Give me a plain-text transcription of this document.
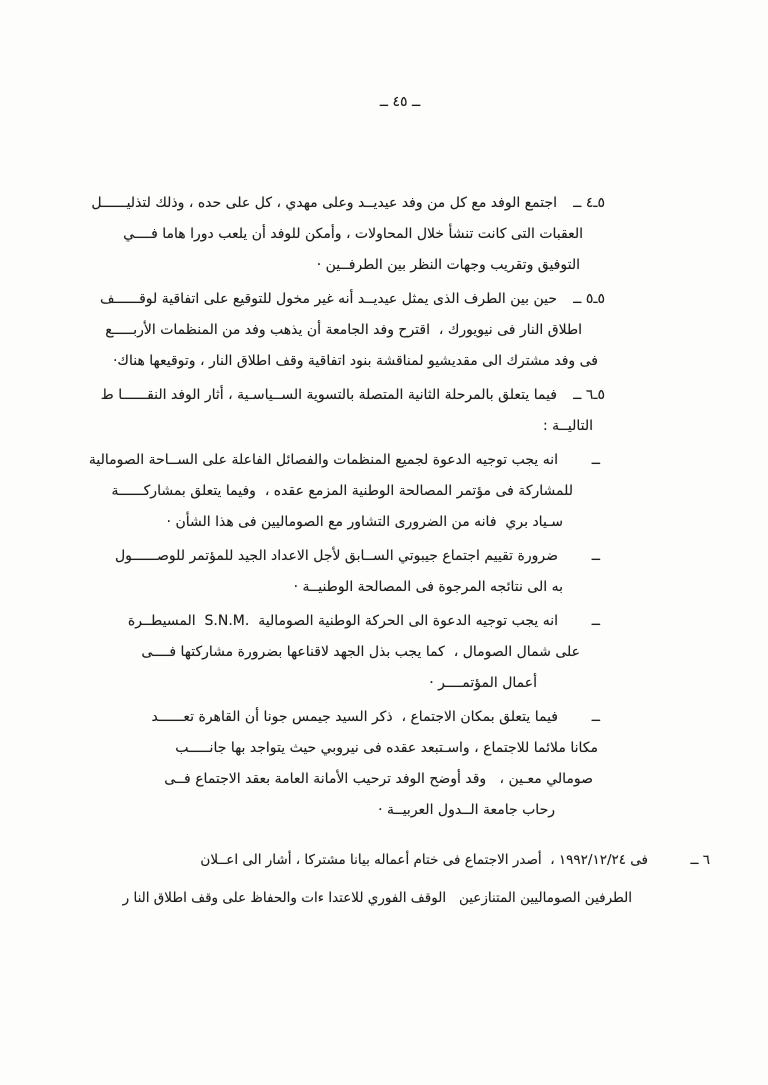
ــ ٤٥ ــ
٥ـ٤ ــ
اجتمع الوفد مع كل من وفد عيديــد وعلى مهدي ، كل على حده ، وذلك لتذليــــــل
العقبات التى كانت تنشأ خلال المحاولات ، وأمكن للوفد أن يلعب دورا هاما فــــي
التوفيق وتقريب وجهات النظر بين الطرفــين ·
٥ـ٥ ــ
حين بين الطرف الذى يمثل عيديــد أنه غير مخول للتوقيع على اتفاقية لوقــــــف
اطلاق النار فى نيويورك ،  اقترح وفد الجامعة أن يذهب وفد من المنظمات الأربـــــع
فى وفد مشترك الى مقديشيو لمناقشة بنود اتفاقية وقف اطلاق النار ، وتوقيعها هناك·
٥ـ٦ ــ
فيما يتعلق بالمرحلة الثانية المتصلة بالتسوية الســياسـية ، أثار الوفد النقــــــا ط
التاليــة :
ــ
انه يجب توجيه الدعوة لجميع المنظمات والفصائل الفاعلة على الســاحة الصومالية
للمشاركة فى مؤتمر المصالحة الوطنية المزمع عقده ،  وفيما يتعلق بمشاركــــــة
سـياد بري  فانه من الضرورى التشاور مع الصوماليين فى هذا الشأن ·
ــ
ضرورة تقييم اجتماع جيبوتي الســابق لأجل الاعداد الجيد للمؤتمر للوصــــــول
به الى نتائجه المرجوة فى المصالحة الوطنيــة ·
ــ
انه يجب توجيه الدعوة الى الحركة الوطنية الصومالية  ‎S.N.M.‎  المسيطــرة
على شمال الصومال ،  كما يجب بذل الجهد لاقناعها بضرورة مشاركتها فــــى
أعمال المؤتمــــر ·
ــ
فيما يتعلق بمكان الاجتماع ،  ذكر السيد جيمس جونا أن القاهرة تعــــــد
مكانا ملائما للاجتماع ، واسـتبعد عقده فى نيروبي حيث يتواجد بها جانـــــب
صومالي معـين ،   وقد أوضح الوفد ترحيب الأمانة العامة بعقد الاجتماع فــى
رحاب جامعة الــدول العربيــة ·
٦ ــ
فى ١٩٩٢/١٢/٢٤ ،  أصدر الاجتماع فى ختام أعماله بيانا مشتركا ، أشار الى اعــلان
الطرفين الصوماليين المتنازعين   الوقف الفوري للاعتدا ءات والحفاظ على وقف اطلاق النا ر
